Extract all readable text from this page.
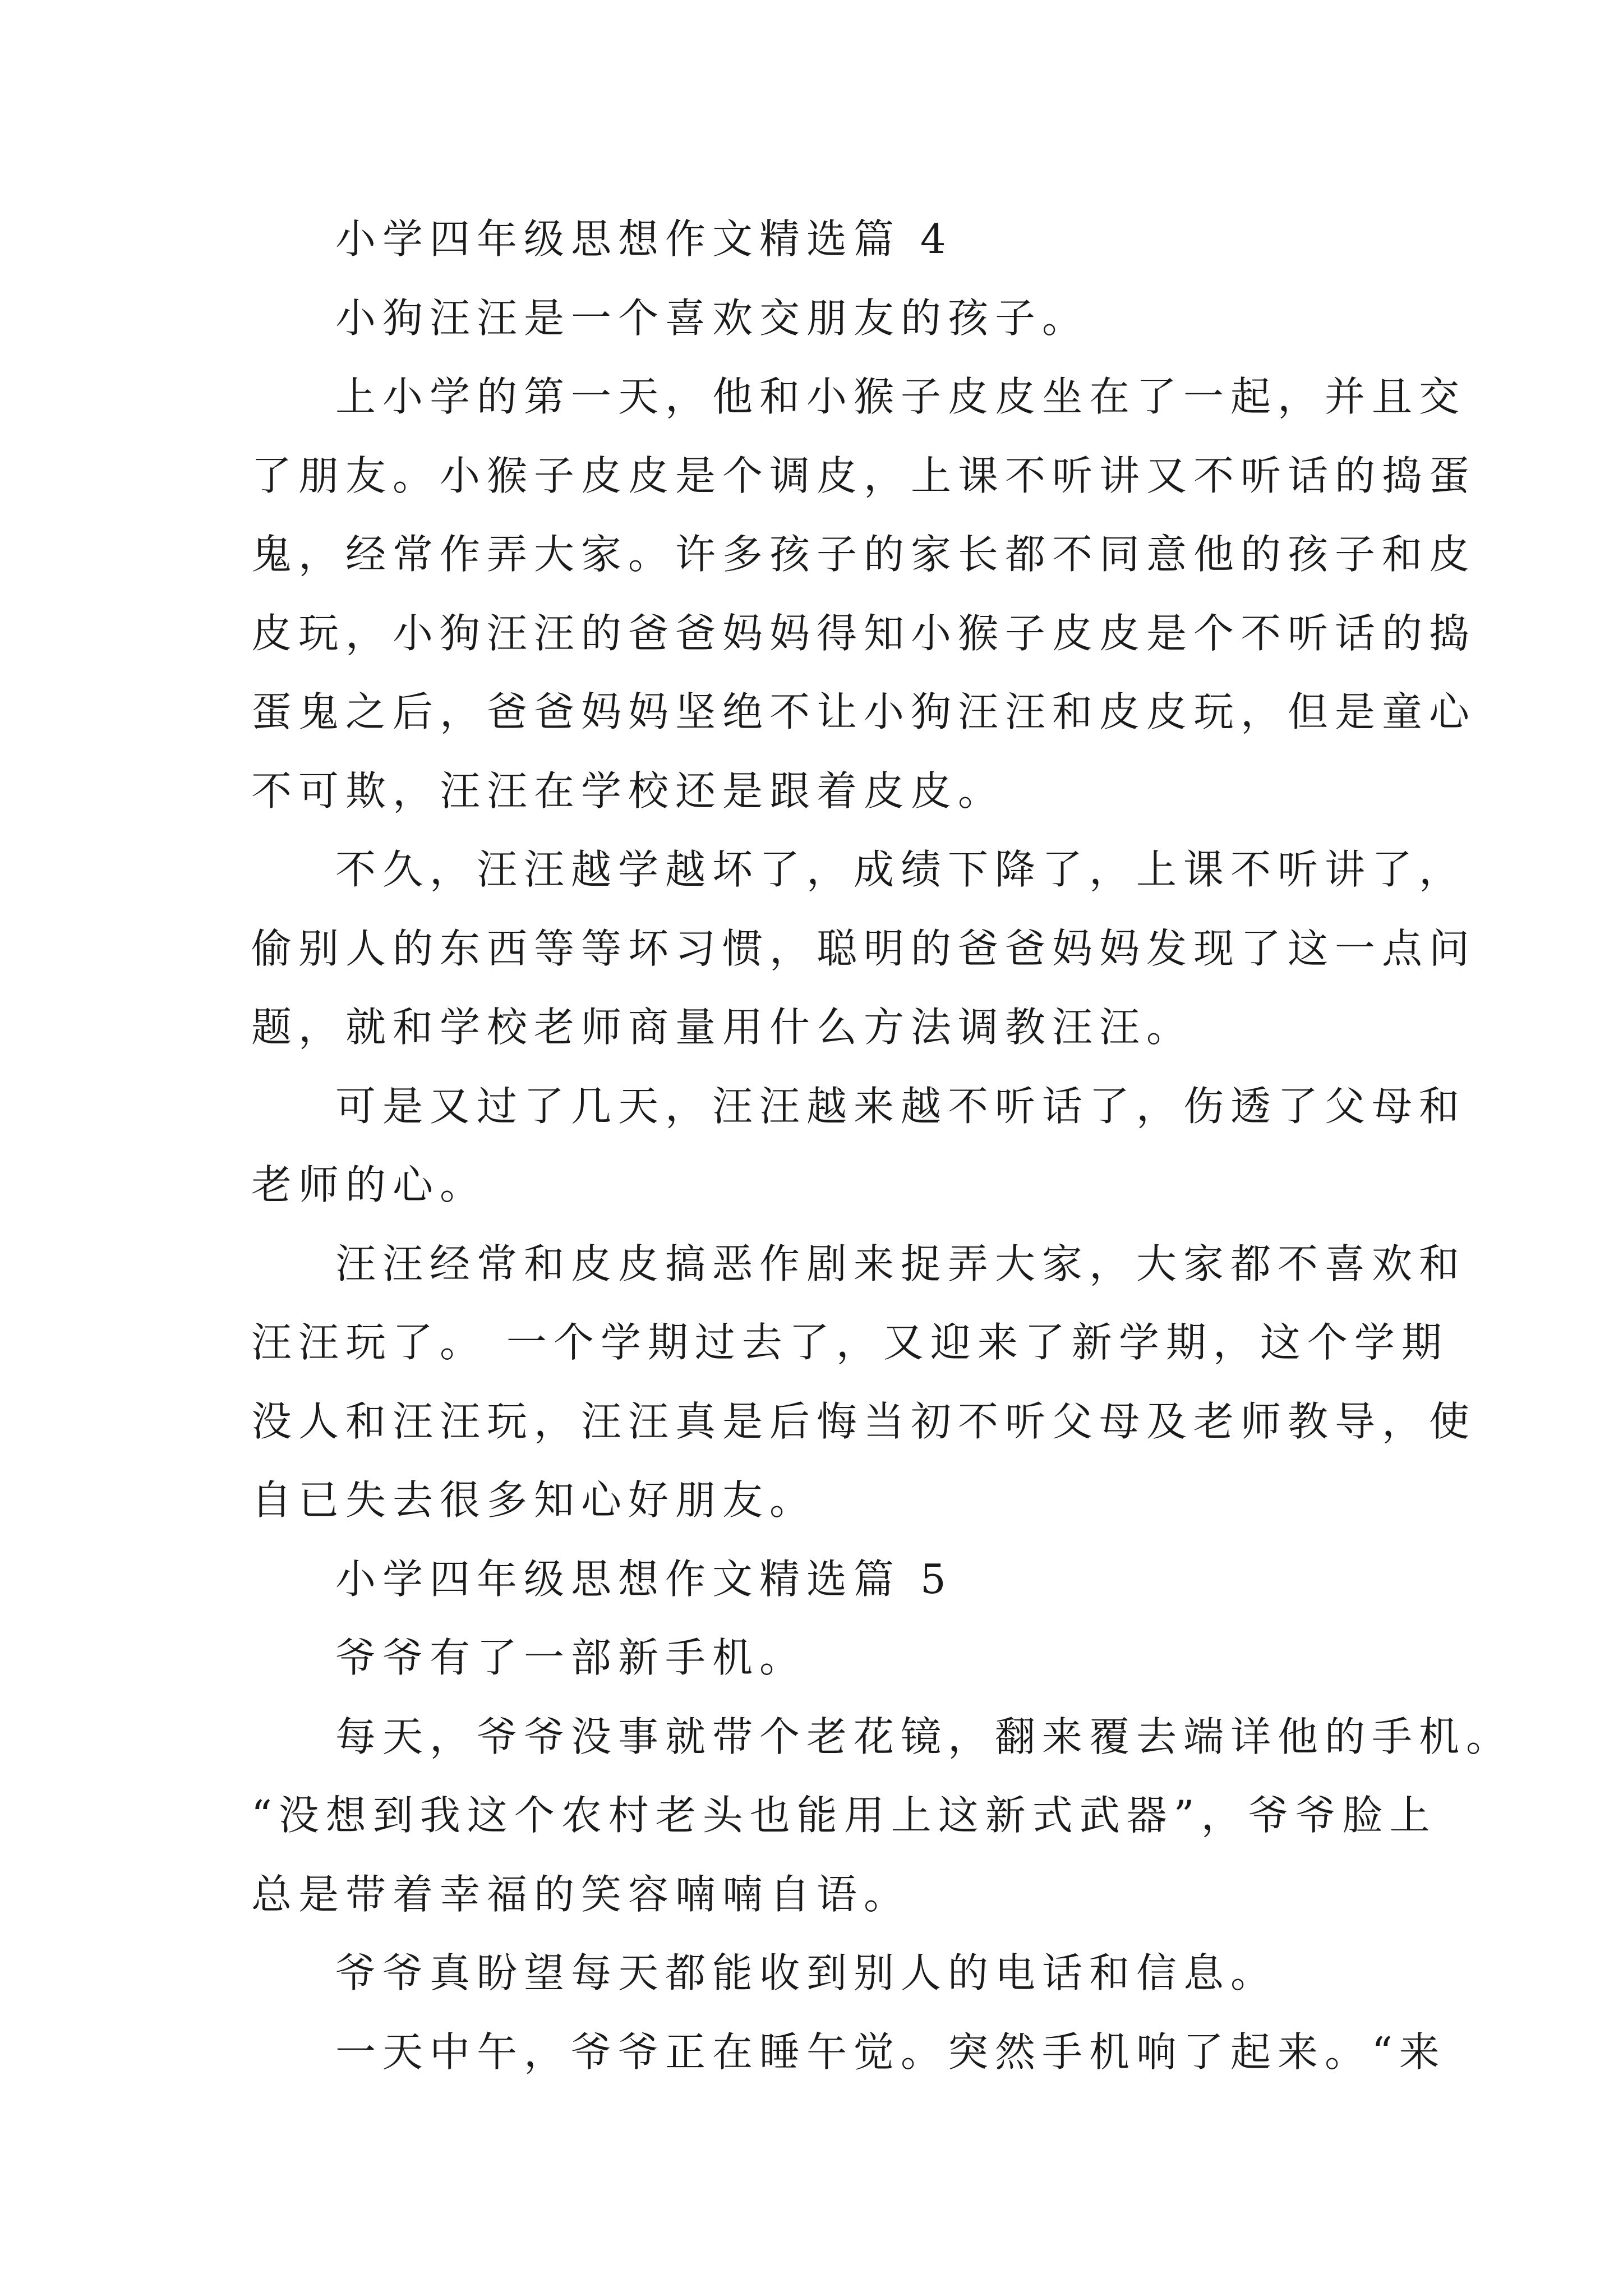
小学四年级思想作文精选篇 4
小狗汪汪是一个喜欢交朋友的孩子。
上小学的第一天，他和小猴子皮皮坐在了一起，并且交
了朋友。小猴子皮皮是个调皮，上课不听讲又不听话的捣蛋
鬼，经常作弄大家。许多孩子的家长都不同意他的孩子和皮
皮玩，小狗汪汪的爸爸妈妈得知小猴子皮皮是个不听话的捣
蛋鬼之后，爸爸妈妈坚绝不让小狗汪汪和皮皮玩，但是童心
不可欺，汪汪在学校还是跟着皮皮。
不久，汪汪越学越坏了，成绩下降了，上课不听讲了，
偷别人的东西等等坏习惯，聪明的爸爸妈妈发现了这一点问
题，就和学校老师商量用什么方法调教汪汪。
可是又过了几天，汪汪越来越不听话了，伤透了父母和
老师的心。
汪汪经常和皮皮搞恶作剧来捉弄大家，大家都不喜欢和
汪汪玩了。 一个学期过去了，又迎来了新学期，这个学期
没人和汪汪玩，汪汪真是后悔当初不听父母及老师教导，使
自已失去很多知心好朋友。
小学四年级思想作文精选篇 5
爷爷有了一部新手机。
每天，爷爷没事就带个老花镜，翻来覆去端详他的手机。
“没想到我这个农村老头也能用上这新式武器”，爷爷脸上
总是带着幸福的笑容喃喃自语。
爷爷真盼望每天都能收到别人的电话和信息。
一天中午，爷爷正在睡午觉。突然手机响了起来。“来
